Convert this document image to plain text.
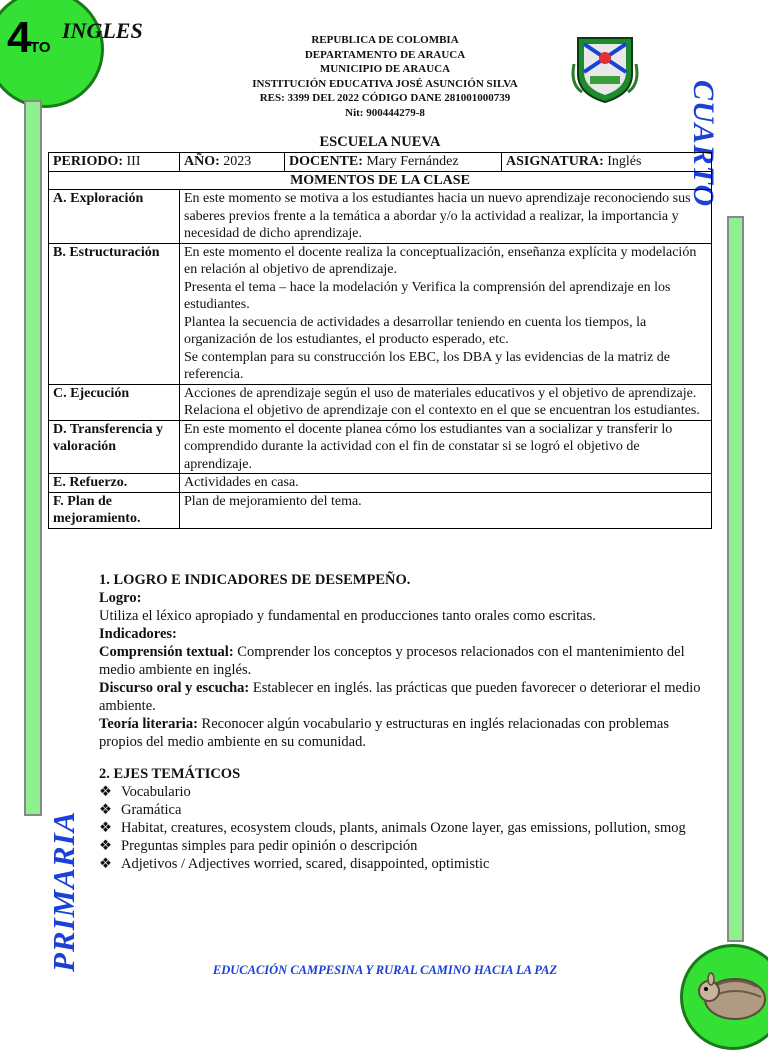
4
TO
INGLES
PRIMARIA
CUARTO
REPUBLICA DE COLOMBIA
DEPARTAMENTO DE ARAUCA
MUNICIPIO DE ARAUCA
INSTITUCIÓN EDUCATIVA JOSÉ ASUNCIÓN SILVA
RES: 3399 DEL 2022 CÓDIGO DANE 281001000739
Nit: 900444279-8
ESCUELA NUEVA
PERIODO: III	AÑO: 2023	DOCENTE: Mary Fernández	ASIGNATURA: Inglés
MOMENTOS DE LA CLASE			
A. Exploración	En este momento se motiva a los estudiantes hacia un nuevo aprendizaje reconociendo sus saberes previos frente a la temática a abordar y/o la actividad a realizar, la importancia y necesidad de dicho aprendizaje.		
B. Estructuración	En este momento el docente realiza la conceptualización, enseñanza explícita y modelación en relación al objetivo de aprendizaje.
Presenta el tema – hace la modelación y Verifica la comprensión del aprendizaje en los estudiantes.
Plantea la secuencia de actividades a desarrollar teniendo en cuenta los tiempos, la organización de los estudiantes, el producto esperado, etc.
Se contemplan para su construcción los EBC, los DBA y las evidencias de la matriz de referencia.		

C. Ejecución	Acciones de aprendizaje según el uso de materiales educativos y el objetivo de aprendizaje. Relaciona el objetivo de aprendizaje con el contexto en el que se encuentran los estudiantes.		
D. Transferencia y valoración	En este momento el docente planea cómo los estudiantes van a socializar y transferir lo comprendido durante la actividad con el fin de constatar si se logró el objetivo de aprendizaje.		
E. Refuerzo.	Actividades en casa.		
F. Plan de mejoramiento.	Plan de mejoramiento del tema.		

1. LOGRO E INDICADORES DE DESEMPEÑO.

Logro:

Utiliza el léxico apropiado y fundamental en producciones tanto orales como escritas.

Indicadores:

Comprensión textual: Comprender los conceptos y procesos relacionados con el mantenimiento del medio ambiente en inglés.

Discurso oral y escucha: Establecer en inglés. las prácticas que pueden favorecer o deteriorar el medio ambiente.

Teoría literaria: Reconocer algún vocabulario y estructuras en inglés relacionadas con problemas propios del medio ambiente en su comunidad.

2. EJES TEMÁTICOS

❖ Vocabulario
❖ Gramática
❖ Habitat, creatures, ecosystem clouds, plants, animals Ozone layer, gas emissions, pollution, smog
❖ Preguntas simples para pedir opinión o descripción
❖ Adjetivos / Adjectives worried, scared, disappointed, optimistic
EDUCACIÓN CAMPESINA Y RURAL CAMINO HACIA LA PAZ
